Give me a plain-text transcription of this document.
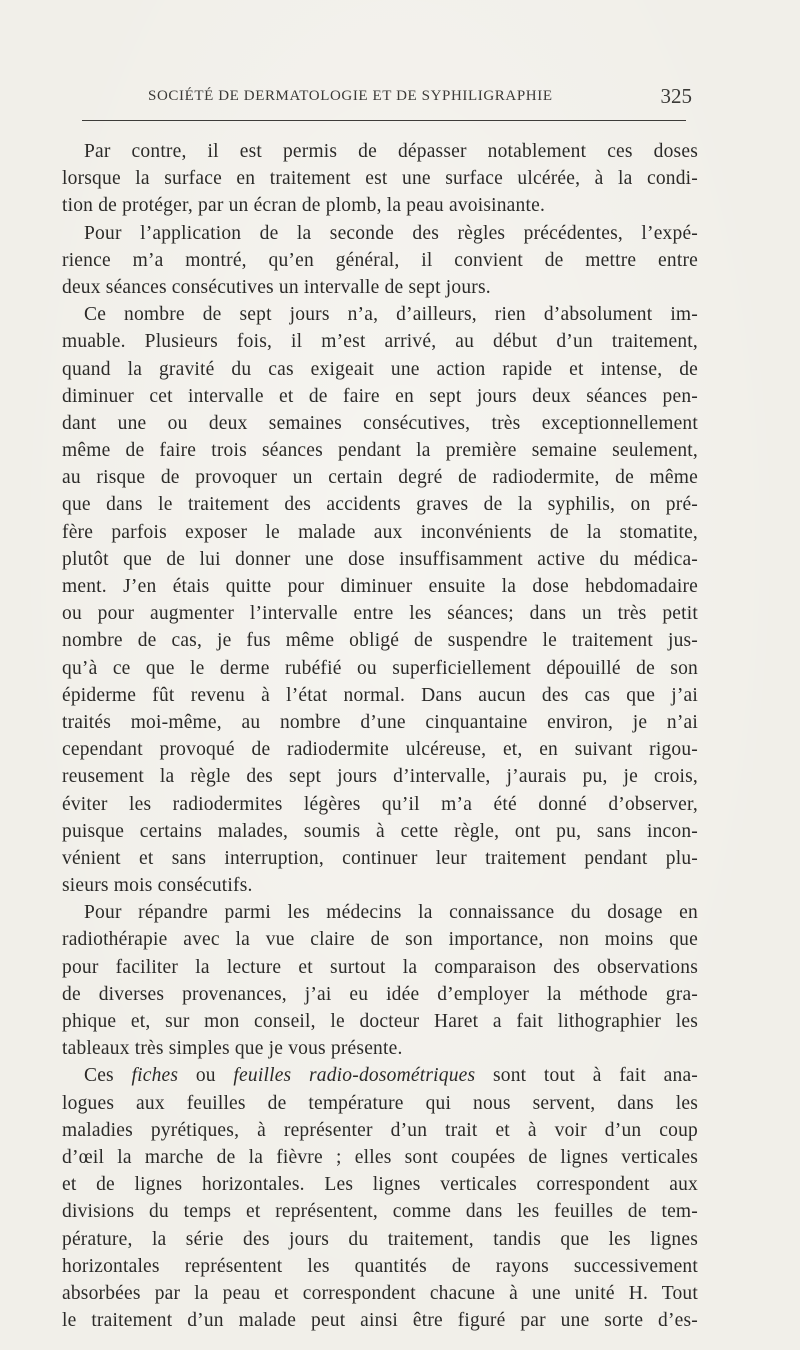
SOCIÉTÉ DE DERMATOLOGIE ET DE SYPHILIGRAPHIE	325
Par contre, il est permis de dépasser notablement ces doses
lorsque la surface en traitement est une surface ulcérée, à la condi-
tion de protéger, par un écran de plomb, la peau avoisinante.
Pour l’application de la seconde des règles précédentes, l’expé-
rience m’a montré, qu’en général, il convient de mettre entre
deux séances consécutives un intervalle de sept jours.
Ce nombre de sept jours n’a, d’ailleurs, rien d’absolument im-
muable. Plusieurs fois, il m’est arrivé, au début d’un traitement,
quand la gravité du cas exigeait une action rapide et intense, de
diminuer cet intervalle et de faire en sept jours deux séances pen-
dant une ou deux semaines consécutives, très exceptionnellement
même de faire trois séances pendant la première semaine seulement,
au risque de provoquer un certain degré de radiodermite, de même
que dans le traitement des accidents graves de la syphilis, on pré-
fère parfois exposer le malade aux inconvénients de la stomatite,
plutôt que de lui donner une dose insuffisamment active du médica-
ment. J’en étais quitte pour diminuer ensuite la dose hebdomadaire
ou pour augmenter l’intervalle entre les séances; dans un très petit
nombre de cas, je fus même obligé de suspendre le traitement jus-
qu’à ce que le derme rubéfié ou superficiellement dépouillé de son
épiderme fût revenu à l’état normal. Dans aucun des cas que j’ai
traités moi-même, au nombre d’une cinquantaine environ, je n’ai
cependant provoqué de radiodermite ulcéreuse, et, en suivant rigou-
reusement la règle des sept jours d’intervalle, j’aurais pu, je crois,
éviter les radiodermites légères qu’il m’a été donné d’observer,
puisque certains malades, soumis à cette règle, ont pu, sans incon-
vénient et sans interruption, continuer leur traitement pendant plu-
sieurs mois consécutifs.
Pour répandre parmi les médecins la connaissance du dosage en
radiothérapie avec la vue claire de son importance, non moins que
pour faciliter la lecture et surtout la comparaison des observations
de diverses provenances, j’ai eu idée d’employer la méthode gra-
phique et, sur mon conseil, le docteur Haret a fait lithographier les
tableaux très simples que je vous présente.
Ces fiches ou feuilles radio-dosométriques sont tout à fait ana-
logues aux feuilles de température qui nous servent, dans les
maladies pyrétiques, à représenter d’un trait et à voir d’un coup
d’œil la marche de la fièvre ; elles sont coupées de lignes verticales
et de lignes horizontales. Les lignes verticales correspondent aux
divisions du temps et représentent, comme dans les feuilles de tem-
pérature, la série des jours du traitement, tandis que les lignes
horizontales représentent les quantités de rayons successivement
absorbées par la peau et correspondent chacune à une unité H. Tout
le traitement d’un malade peut ainsi être figuré par une sorte d’es-
